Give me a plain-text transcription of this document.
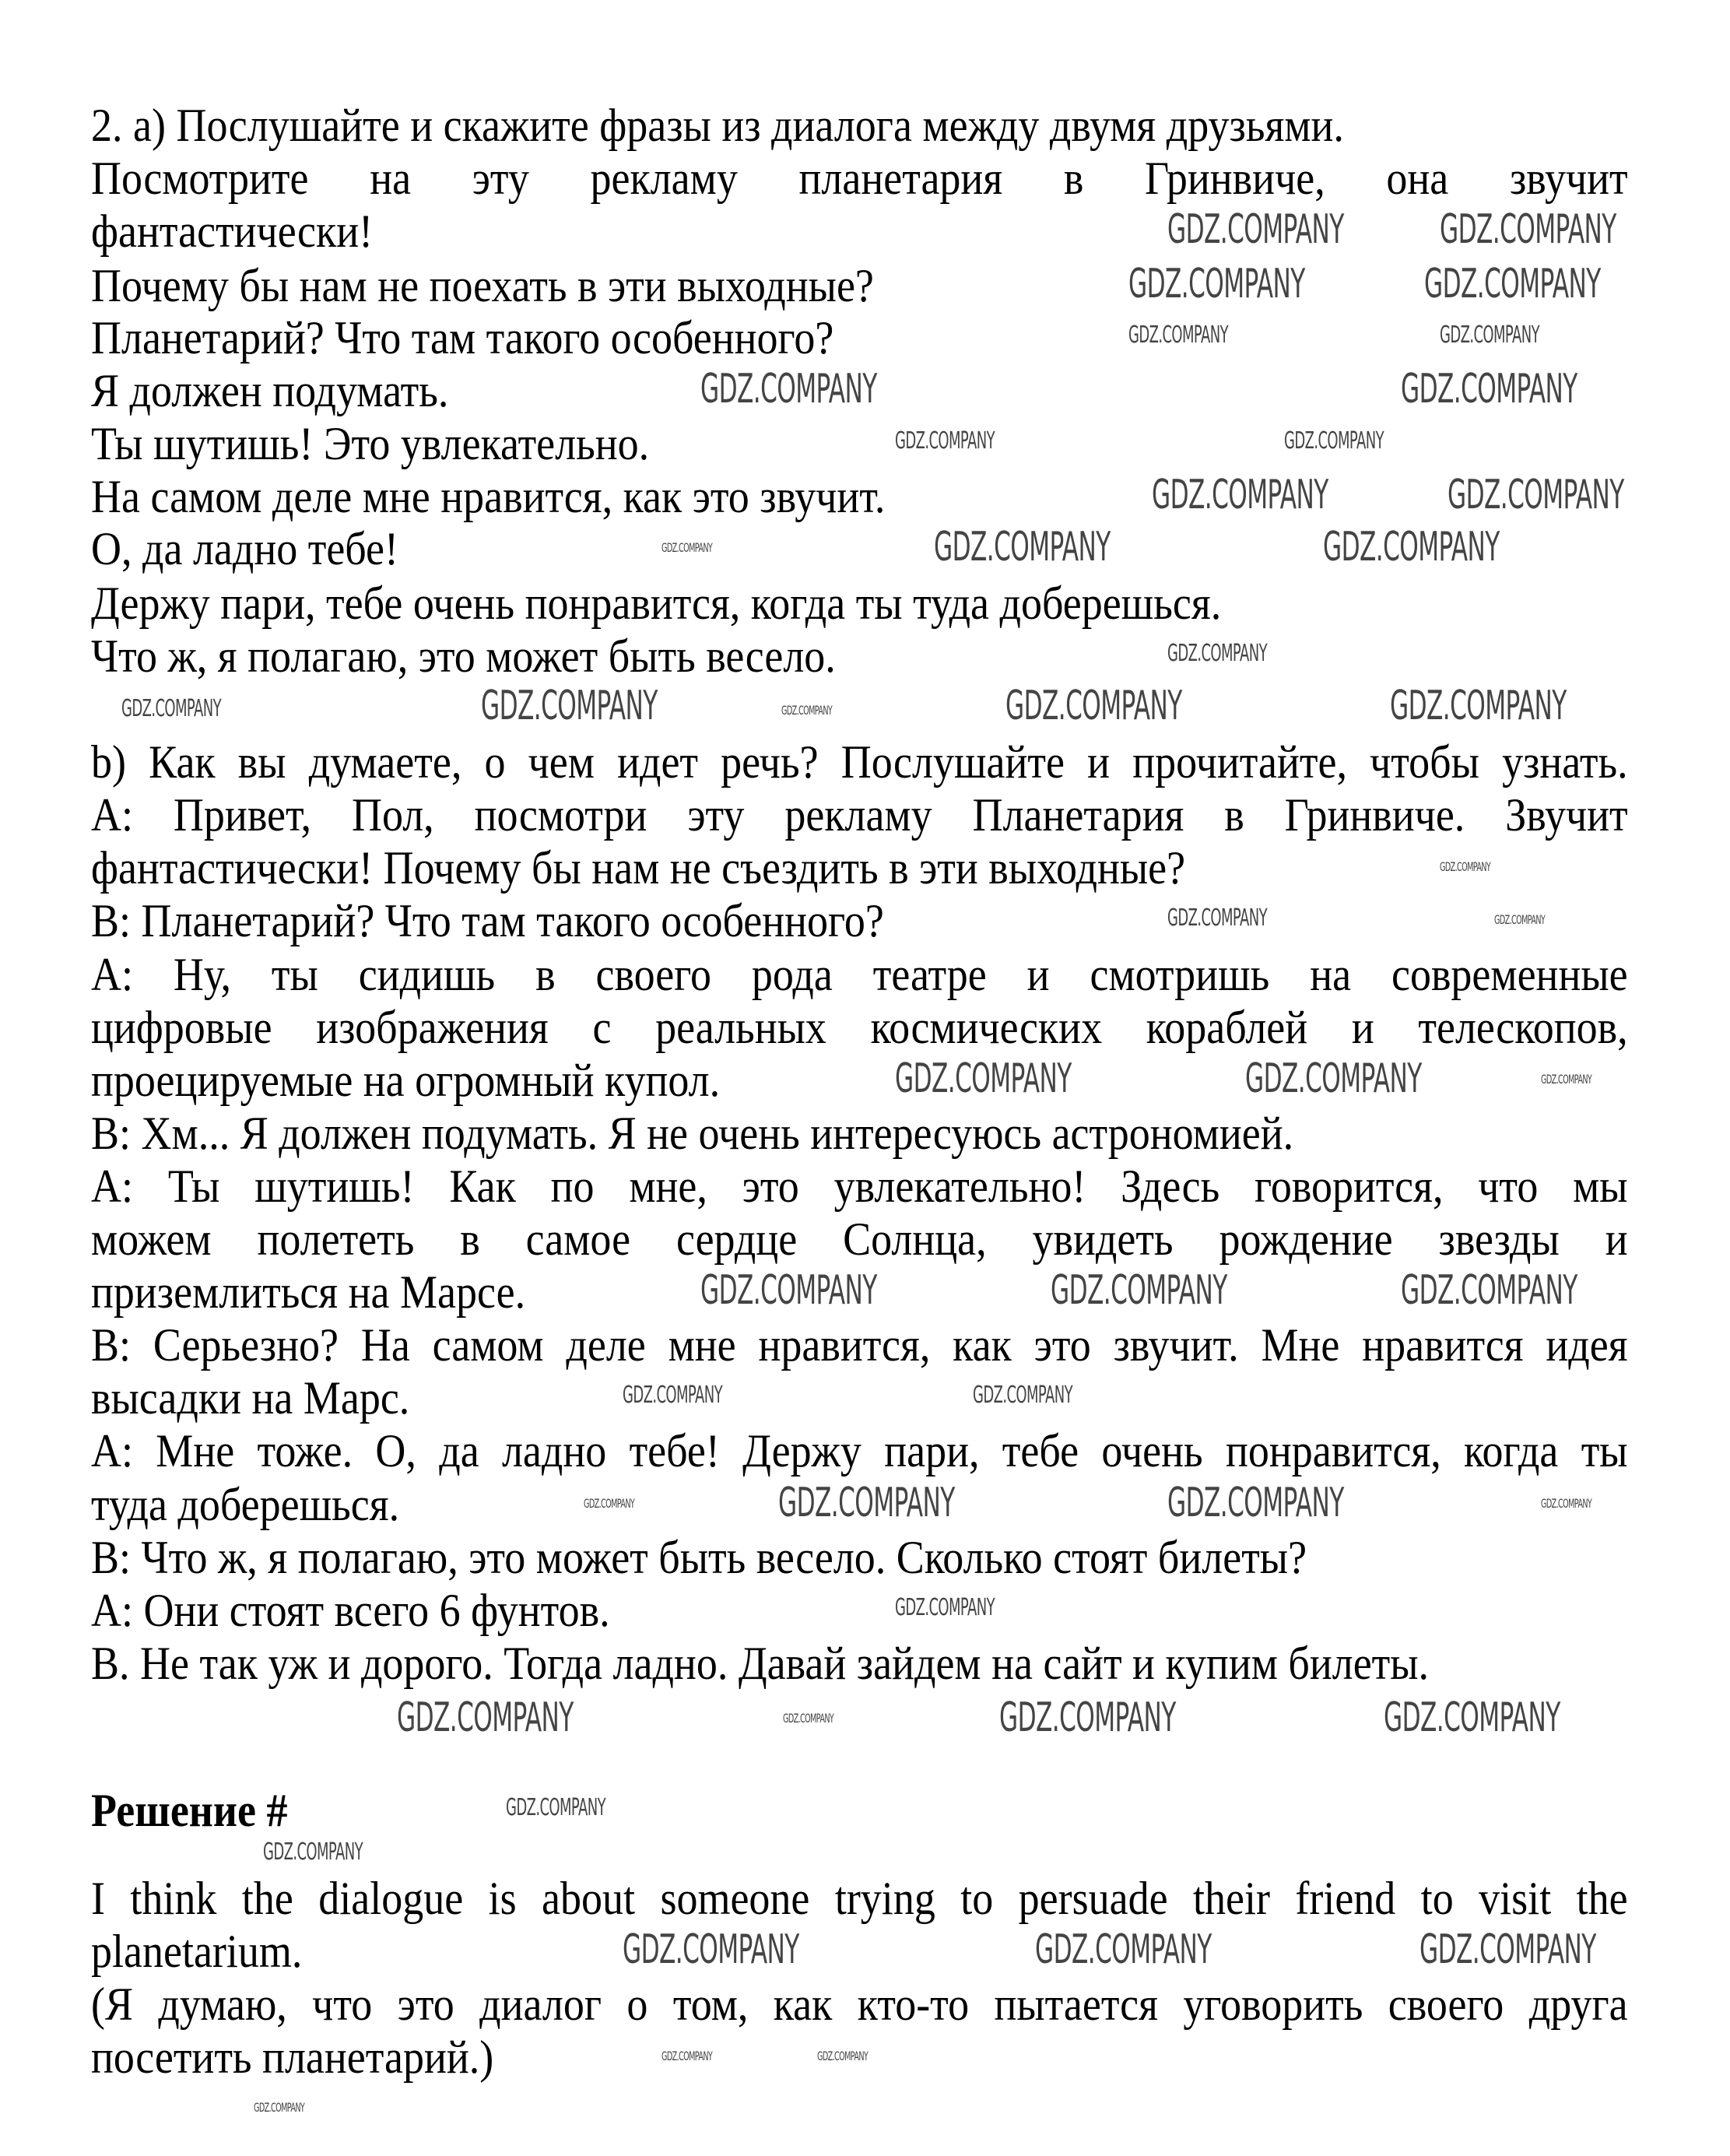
2. a) Послушайте и скажите фразы из диалога между двумя друзьями.
Посмотрите на эту рекламу планетария в Гринвиче, она звучит
фантастически!
Почему бы нам не поехать в эти выходные?
Планетарий? Что там такого особенного?
Я должен подумать.
Ты шутишь! Это увлекательно.
На самом деле мне нравится, как это звучит.
О, да ладно тебе!
Держу пари, тебе очень понравится, когда ты туда доберешься.
Что ж, я полагаю, это может быть весело.
b) Как вы думаете, о чем идет речь? Послушайте и прочитайте, чтобы узнать.
A: Привет, Пол, посмотри эту рекламу Планетария в Гринвиче. Звучит
фантастически! Почему бы нам не съездить в эти выходные?
B: Планетарий? Что там такого особенного?
A: Ну, ты сидишь в своего рода театре и смотришь на современные
цифровые изображения с реальных космических кораблей и телескопов,
проецируемые на огромный купол.
B: Хм... Я должен подумать. Я не очень интересуюсь астрономией.
A: Ты шутишь! Как по мне, это увлекательно! Здесь говорится, что мы
можем полететь в самое сердце Солнца, увидеть рождение звезды и
приземлиться на Марсе.
B: Серьезно? На самом деле мне нравится, как это звучит. Мне нравится идея
высадки на Марс.
A: Мне тоже. О, да ладно тебе! Держу пари, тебе очень понравится, когда ты
туда доберешься.
B: Что ж, я полагаю, это может быть весело. Сколько стоят билеты?
A: Они стоят всего 6 фунтов.
B. Не так уж и дорого. Тогда ладно. Давай зайдем на сайт и купим билеты.
Решение #
I think the dialogue is about someone trying to persuade their friend to visit the
planetarium.
(Я думаю, что это диалог о том, как кто-то пытается уговорить своего друга
посетить планетарий.)
GDZ.COMPANY GDZ.COMPANY
GDZ.COMPANY	GDZ.COMPANY
GDZ.COMPANY	GDZ.COMPANY
GDZ.COMPANY	GDZ.COMPANY
GDZ.COMPANY	GDZ.COMPANY
GDZ.COMPANY	GDZ.COMPANY
GDZ.COMPANY	GDZ.COMPANY	GDZ.COMPANY
GDZ.COMPANY
GDZ.COMPANY	GDZ.COMPANY	GDZ.COMPANY	GDZ.COMPANY	GDZ.COMPANY
GDZ.COMPANY
GDZ.COMPANY	GDZ.COMPANY
GDZ.COMPANY	GDZ.COMPANY	GDZ.COMPANY
GDZ.COMPANY	GDZ.COMPANY	GDZ.COMPANY
GDZ.COMPANY	GDZ.COMPANY
GDZ.COMPANY	GDZ.COMPANY	GDZ.COMPANY	GDZ.COMPANY
GDZ.COMPANY
GDZ.COMPANY	GDZ.COMPANY	GDZ.COMPANY	GDZ.COMPANY
GDZ.COMPANY
GDZ.COMPANY
GDZ.COMPANY	GDZ.COMPANY	GDZ.COMPANY
GDZ.COMPANY	GDZ.COMPANY
GDZ.COMPANY
